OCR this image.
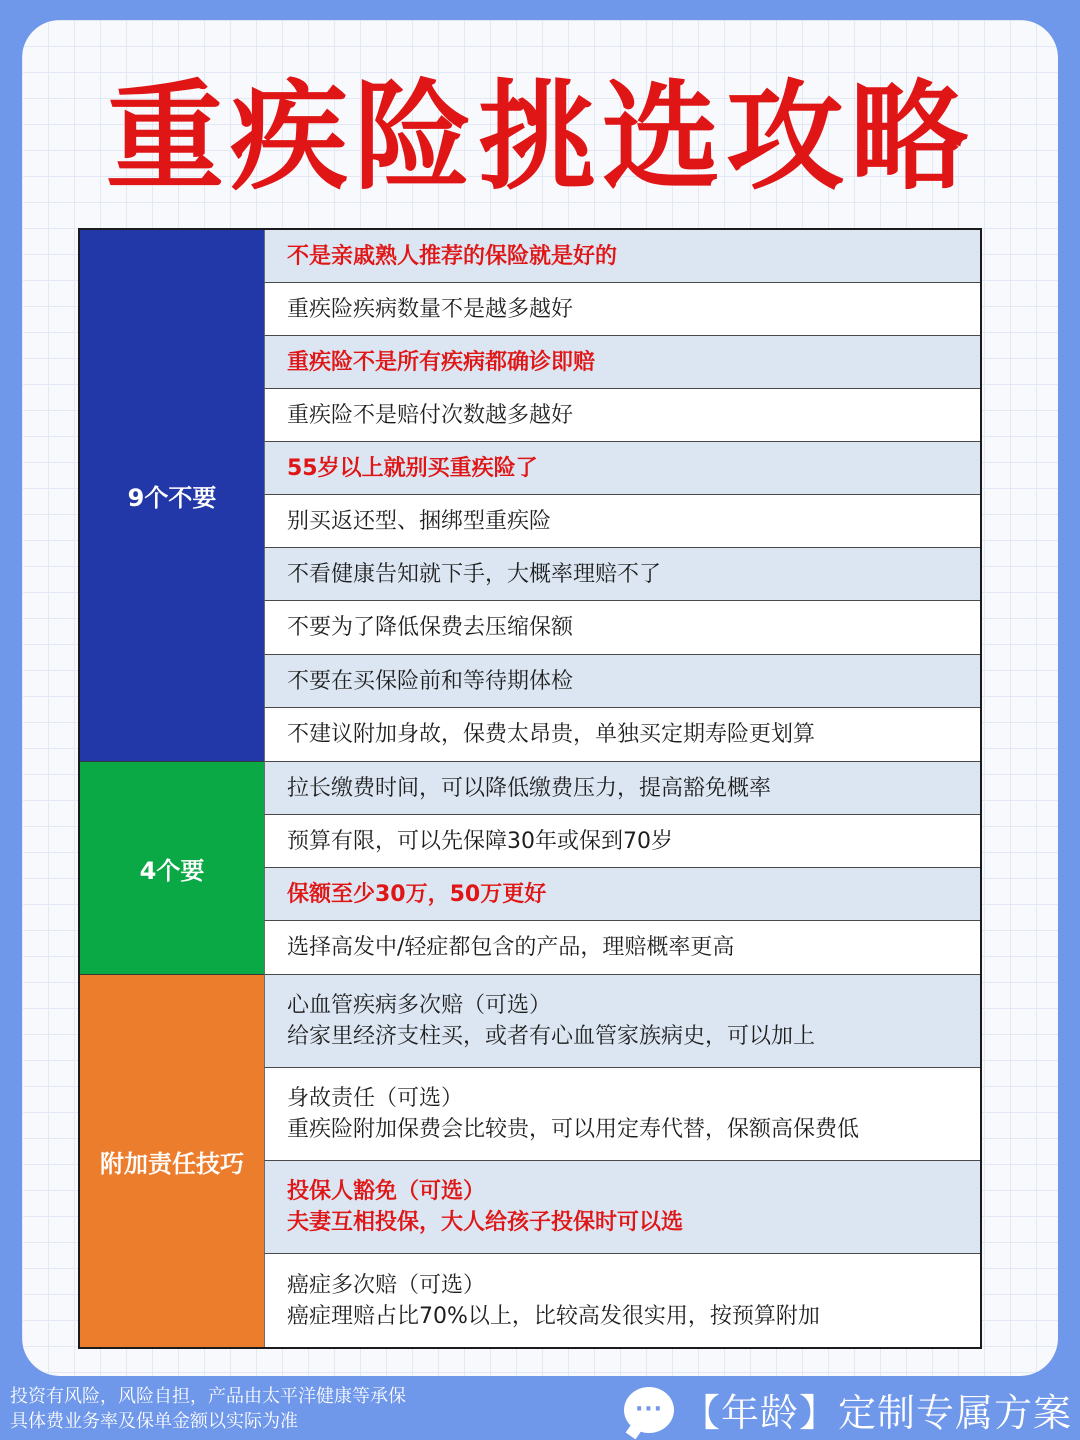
重疾险挑选攻略
9个不要
4个要
附加责任技巧
不是亲戚熟人推荐的保险就是好的
重疾险疾病数量不是越多越好
重疾险不是所有疾病都确诊即赔
重疾险不是赔付次数越多越好
55岁以上就别买重疾险了
别买返还型、捆绑型重疾险
不看健康告知就下手，大概率理赔不了
不要为了降低保费去压缩保额
不要在买保险前和等待期体检
不建议附加身故，保费太昂贵，单独买定期寿险更划算
拉长缴费时间，可以降低缴费压力，提高豁免概率
预算有限，可以先保障30年或保到70岁
保额至少30万，50万更好
选择高发中/轻症都包含的产品，理赔概率更高
心血管疾病多次赔（可选）
给家里经济支柱买，或者有心血管家族病史，可以加上
身故责任（可选）
重疾险附加保费会比较贵，可以用定寿代替，保额高保费低
投保人豁免（可选）
夫妻互相投保，大人给孩子投保时可以选
癌症多次赔（可选）
癌症理赔占比70%以上，比较高发很实用，按预算附加
投资有风险，风险自担，产品由太平洋健康等承保
具体费业务率及保单金额以实际为准	··· 【年龄】定制专属方案
